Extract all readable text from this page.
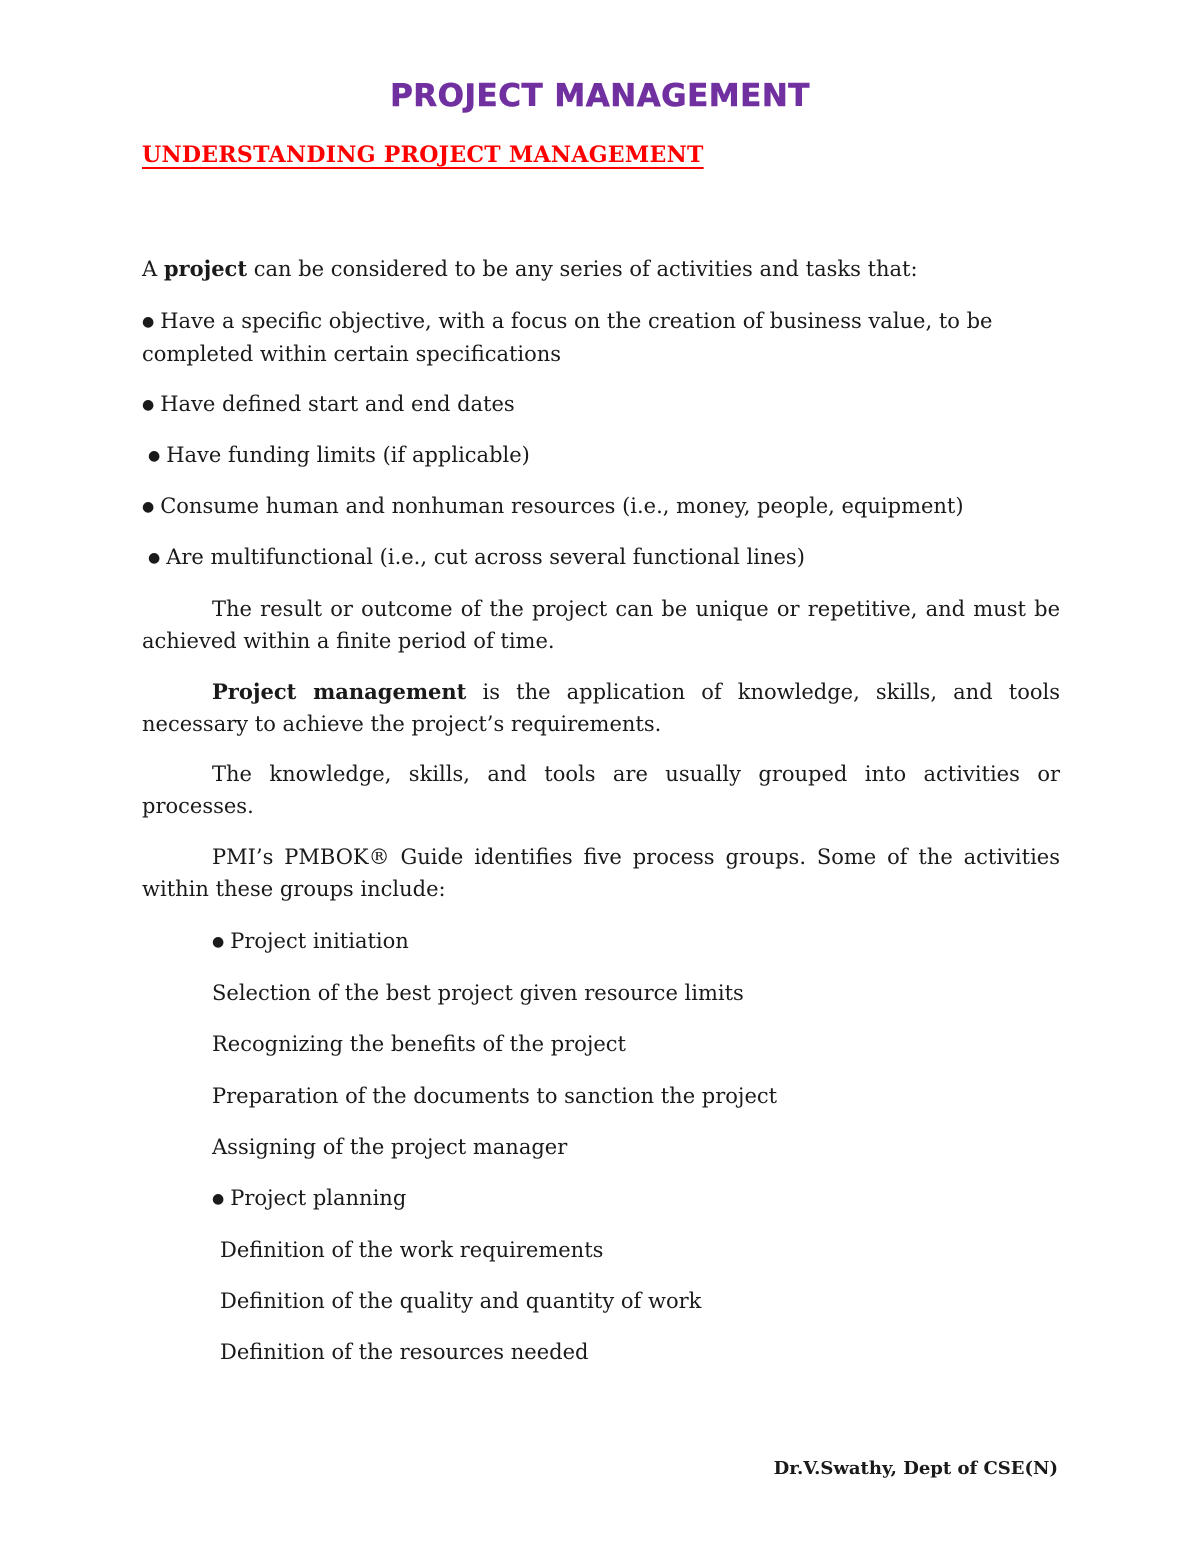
PROJECT MANAGEMENT
UNDERSTANDING PROJECT MANAGEMENT
A project can be considered to be any series of activities and tasks that:
● Have a specific objective, with a focus on the creation of business value, to be completed within certain specifications
● Have defined start and end dates
● Have funding limits (if applicable)
● Consume human and nonhuman resources (i.e., money, people, equipment)
● Are multifunctional (i.e., cut across several functional lines)
The result or outcome of the project can be unique or repetitive, and must be achieved within a finite period of time.
Project management is the application of knowledge, skills, and tools necessary to achieve the project’s requirements.
The knowledge, skills, and tools are usually grouped into activities or processes.
PMI’s PMBOK® Guide identifies five process groups. Some of the activities within these groups include:
● Project initiation
Selection of the best project given resource limits
Recognizing the benefits of the project
Preparation of the documents to sanction the project
Assigning of the project manager
● Project planning
Definition of the work requirements
Definition of the quality and quantity of work
Definition of the resources needed
Dr.V.Swathy, Dept of CSE(N)
